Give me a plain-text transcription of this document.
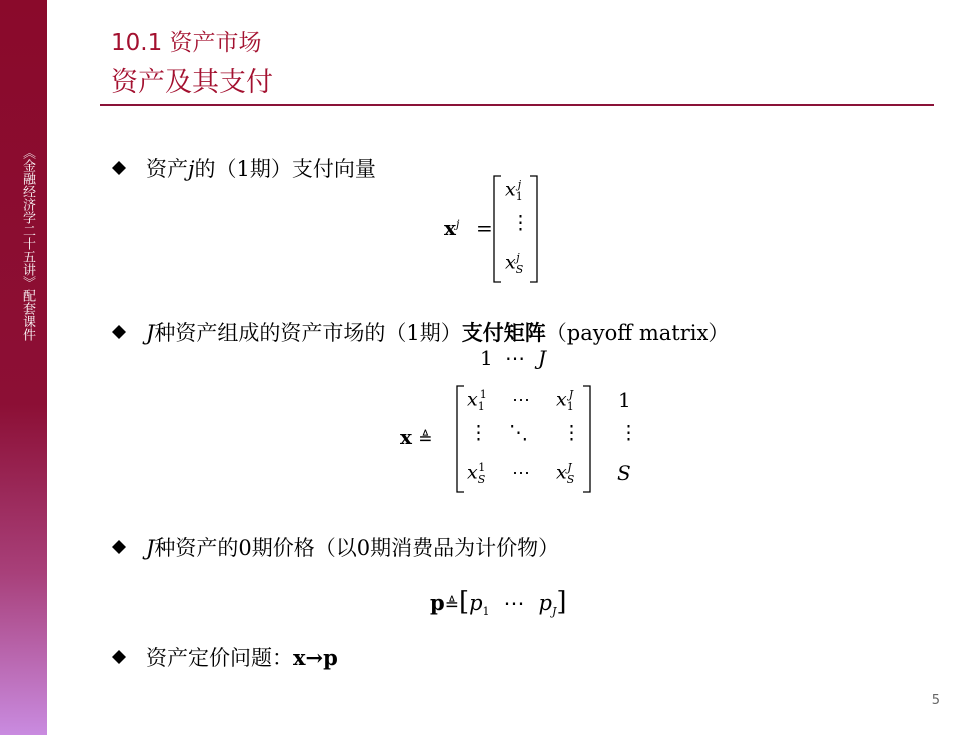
《金融经济学二十五讲》配套课件
10.1 资产市场
资产及其支付
资产j的（1期）支付向量
$x^j$ =
$x_1^j$
⋮
$x_S^j$
J种资产组成的资产市场的（1期）支付矩阵（payoff matrix）
1 ⋯ J
x ≜
$x_1^1$ ⋯ $x_1^J$
⋮ ⋱ ⋮
$x_S^1$ ⋯ $x_S^J$
1
⋮
S
J种资产的0期价格（以0期消费品为计价物）
$p≜[p_1$ ⋯ $p_J$]
资产定价问题：x→p
5
